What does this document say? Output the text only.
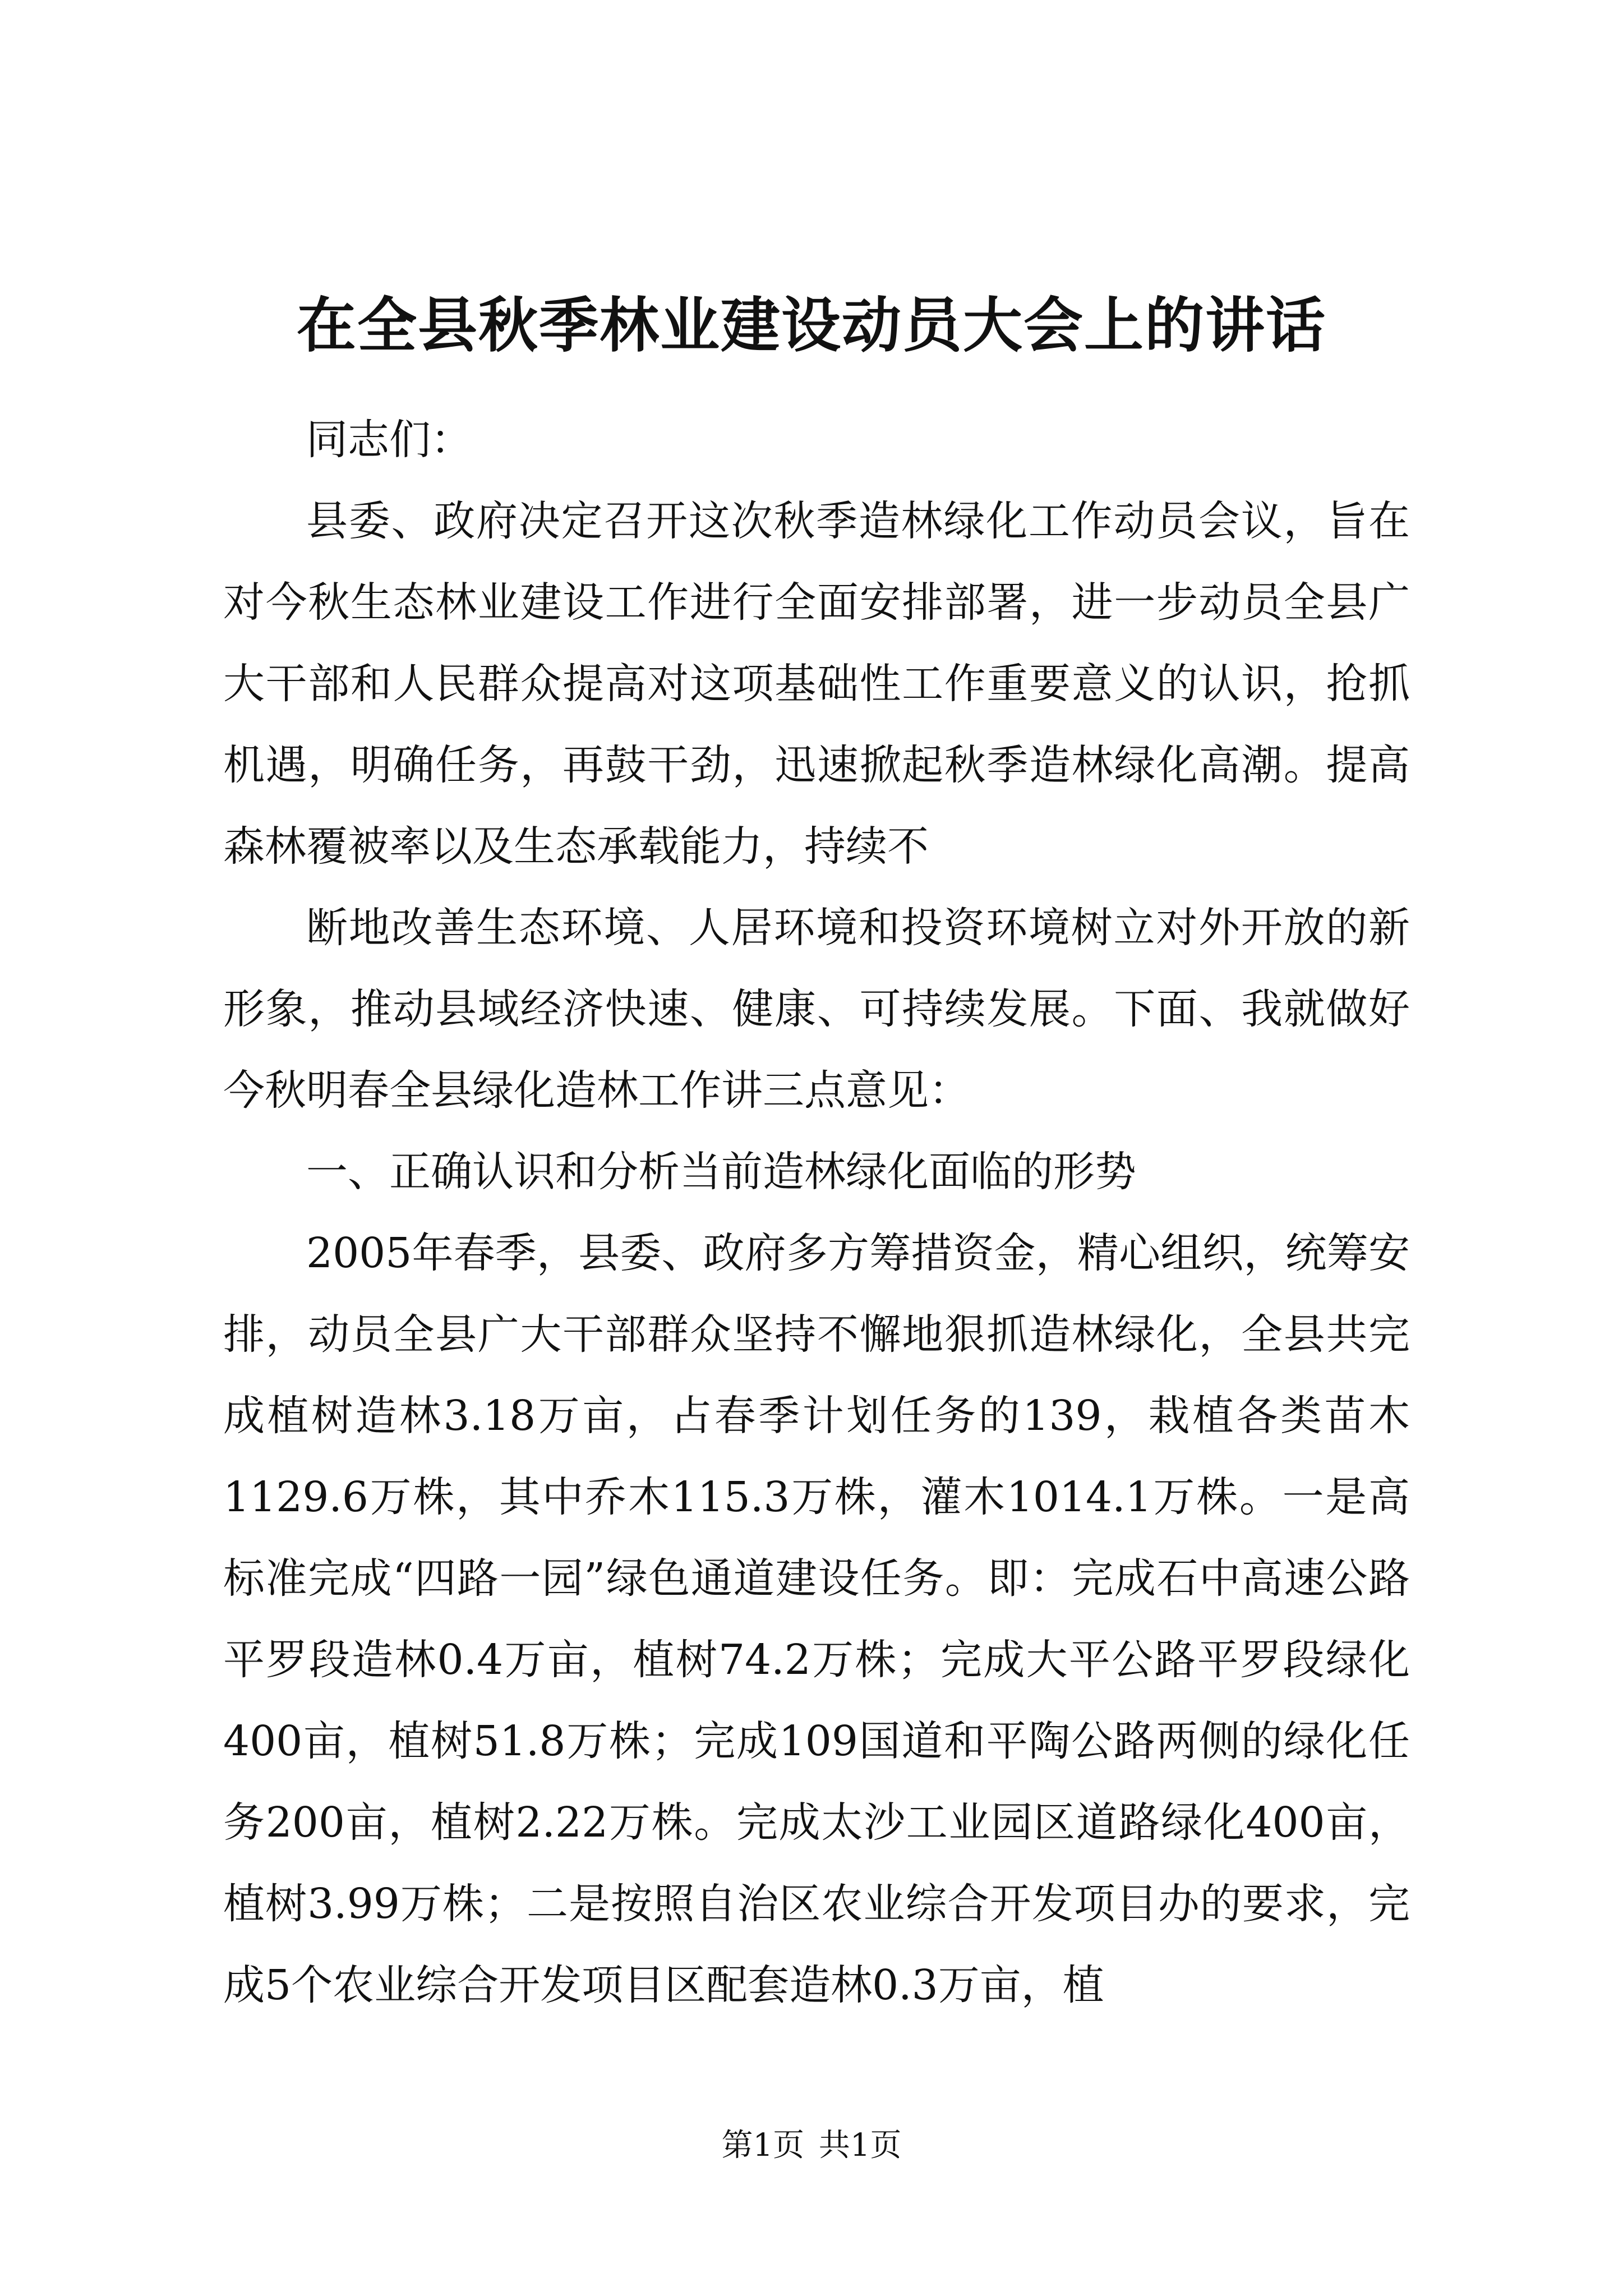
在全县秋季林业建设动员大会上的讲话

同志们：

县委、政府决定召开这次秋季造林绿化工作动员会议，旨在对今秋生态林业建设工作进行全面安排部署，进一步动员全县广大干部和人民群众提高对这项基础性工作重要意义的认识，抢抓机遇，明确任务，再鼓干劲，迅速掀起秋季造林绿化高潮。提高森林覆被率以及生态承载能力，持续不

断地改善生态环境、人居环境和投资环境树立对外开放的新形象，推动县域经济快速、健康、可持续发展。下面、我就做好今秋明春全县绿化造林工作讲三点意见：

一、正确认识和分析当前造林绿化面临的形势

2005年春季，县委、政府多方筹措资金，精心组织，统筹安排，动员全县广大干部群众坚持不懈地狠抓造林绿化，全县共完成植树造林3.18万亩，占春季计划任务的139，栽植各类苗木1129.6万株，其中乔木115.3万株，灌木1014.1万株。一是高标准完成“四路一园”绿色通道建设任务。即：完成石中高速公路平罗段造林0.4万亩，植树74.2万株；完成大平公路平罗段绿化400亩，植树51.8万株；完成109国道和平陶公路两侧的绿化任务200亩，植树2.22万株。完成太沙工业园区道路绿化400亩，植树3.99万株；二是按照自治区农业综合开发项目办的要求，完成5个农业综合开发项目区配套造林0.3万亩，植

第1页 共1页
